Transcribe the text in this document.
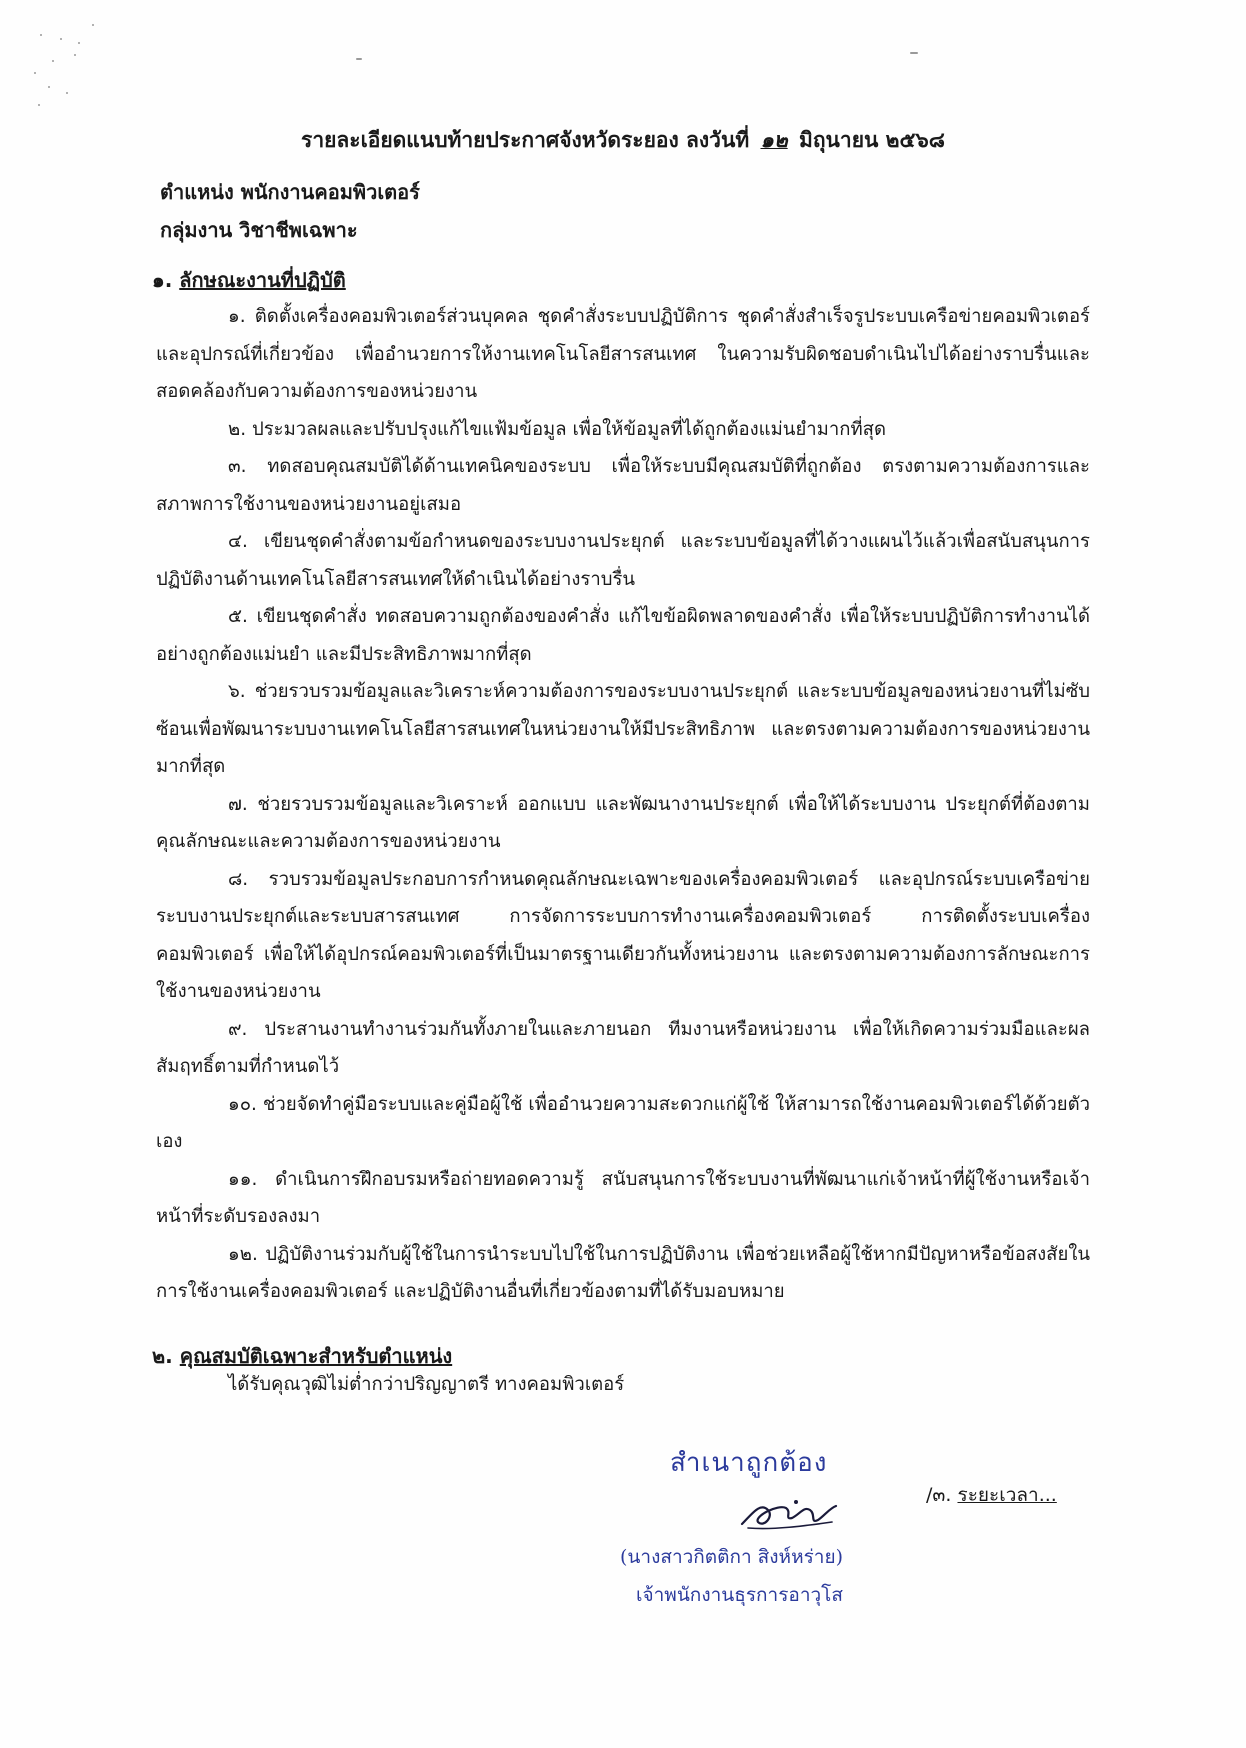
รายละเอียดแนบท้ายประกาศจังหวัดระยอง ลงวันที่ ๑๒ มิถุนายน ๒๕๖๘
ตำแหน่ง พนักงานคอมพิวเตอร์
กลุ่มงาน วิชาชีพเฉพาะ
๑. ลักษณะงานที่ปฏิบัติ

๑. ติดตั้งเครื่องคอมพิวเตอร์ส่วนบุคคล ชุดคำสั่งระบบปฏิบัติการ ชุดคำสั่งสำเร็จรูประบบเครือข่ายคอมพิวเตอร์และอุปกรณ์ที่เกี่ยวข้อง เพื่ออำนวยการให้งานเทคโนโลยีสารสนเทศ ในความรับผิดชอบดำเนินไปได้อย่างราบรื่นและสอดคล้องกับความต้องการของหน่วยงาน

๒. ประมวลผลและปรับปรุงแก้ไขแฟ้มข้อมูล เพื่อให้ข้อมูลที่ได้ถูกต้องแม่นยำมากที่สุด

๓. ทดสอบคุณสมบัติได้ด้านเทคนิคของระบบ เพื่อให้ระบบมีคุณสมบัติที่ถูกต้อง ตรงตามความต้องการและสภาพการใช้งานของหน่วยงานอยู่เสมอ

๔. เขียนชุดคำสั่งตามข้อกำหนดของระบบงานประยุกต์ และระบบข้อมูลที่ได้วางแผนไว้แล้วเพื่อสนับสนุนการปฏิบัติงานด้านเทคโนโลยีสารสนเทศให้ดำเนินได้อย่างราบรื่น

๕. เขียนชุดคำสั่ง ทดสอบความถูกต้องของคำสั่ง แก้ไขข้อผิดพลาดของคำสั่ง เพื่อให้ระบบปฏิบัติการทำงานได้อย่างถูกต้องแม่นยำ และมีประสิทธิภาพมากที่สุด

๖. ช่วยรวบรวมข้อมูลและวิเคราะห์ความต้องการของระบบงานประยุกต์ และระบบข้อมูลของหน่วยงานที่ไม่ซับซ้อนเพื่อพัฒนาระบบงานเทคโนโลยีสารสนเทศในหน่วยงานให้มีประสิทธิภาพ และตรงตามความต้องการของหน่วยงานมากที่สุด

๗. ช่วยรวบรวมข้อมูลและวิเคราะห์ ออกแบบ และพัฒนางานประยุกต์ เพื่อให้ได้ระบบงาน ประยุกต์ที่ต้องตามคุณลักษณะและความต้องการของหน่วยงาน

๘. รวบรวมข้อมูลประกอบการกำหนดคุณลักษณะเฉพาะของเครื่องคอมพิวเตอร์ และอุปกรณ์ระบบเครือข่าย ระบบงานประยุกต์และระบบสารสนเทศ การจัดการระบบการทำงานเครื่องคอมพิวเตอร์ การติดตั้งระบบเครื่องคอมพิวเตอร์ เพื่อให้ได้อุปกรณ์คอมพิวเตอร์ที่เป็นมาตรฐานเดียวกันทั้งหน่วยงาน และตรงตามความต้องการลักษณะการใช้งานของหน่วยงาน

๙. ประสานงานทำงานร่วมกันทั้งภายในและภายนอก ทีมงานหรือหน่วยงาน เพื่อให้เกิดความร่วมมือและผลสัมฤทธิ์ตามที่กำหนดไว้

๑๐. ช่วยจัดทำคู่มือระบบและคู่มือผู้ใช้ เพื่ออำนวยความสะดวกแก่ผู้ใช้ ให้สามารถใช้งานคอมพิวเตอร์ได้ด้วยตัวเอง

๑๑. ดำเนินการฝึกอบรมหรือถ่ายทอดความรู้ สนับสนุนการใช้ระบบงานที่พัฒนาแก่เจ้าหน้าที่ผู้ใช้งานหรือเจ้าหน้าที่ระดับรองลงมา

๑๒. ปฏิบัติงานร่วมกับผู้ใช้ในการนำระบบไปใช้ในการปฏิบัติงาน เพื่อช่วยเหลือผู้ใช้หากมีปัญหาหรือข้อสงสัยในการใช้งานเครื่องคอมพิวเตอร์ และปฏิบัติงานอื่นที่เกี่ยวข้องตามที่ได้รับมอบหมาย

๒. คุณสมบัติเฉพาะสำหรับตำแหน่ง
ได้รับคุณวุฒิไม่ต่ำกว่าปริญญาตรี ทางคอมพิวเตอร์
สำเนาถูกต้อง
/๓. ระยะเวลา...
(นางสาวกิตติกา สิงห์หร่าย)
เจ้าพนักงานธุรการอาวุโส
